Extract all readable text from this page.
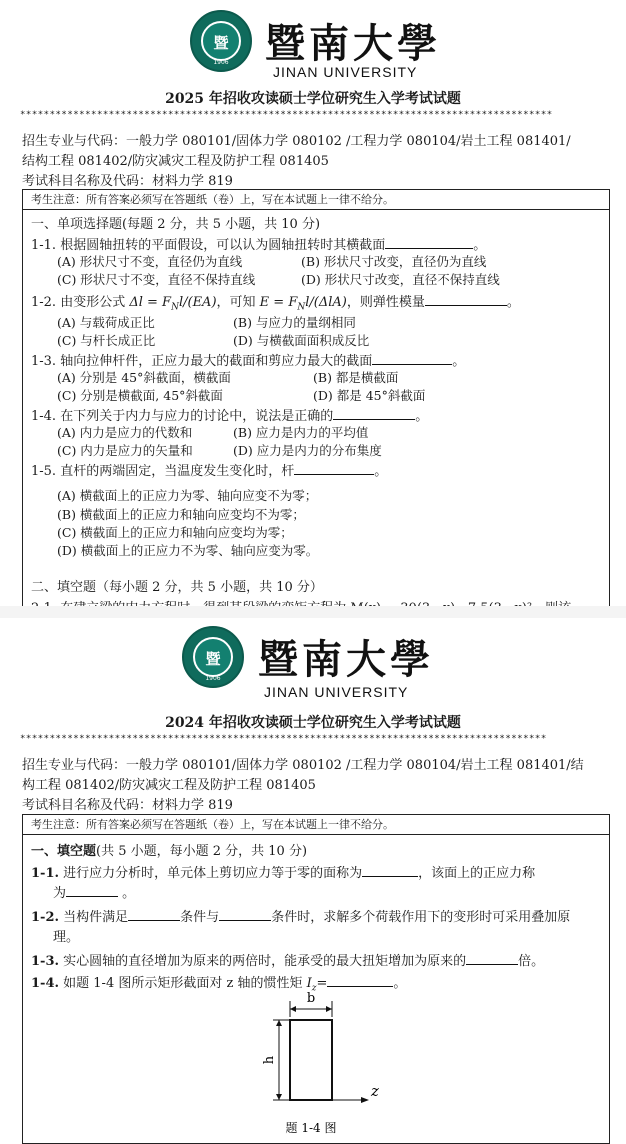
暨
1906 暨南大學
JINAN UNIVERSITY
2025 年招收攻读硕士学位研究生入学考试试题
******************************************************************************************
招生专业与代码：一般力学 080101/固体力学 080102 /工程力学 080104/岩土工程 081401/
结构工程 081402/防灾减灾工程及防护工程 081405
考试科目名称及代码：材料力学 819
考生注意：所有答案必须写在答题纸（卷）上，写在本试题上一律不给分。
一、单项选择题(每题 2 分，共 5 小题，共 10 分)
1-1. 根据圆轴扭转的平面假设，可以认为圆轴扭转时其横截面	。
(A) 形状尺寸不变，直径仍为直线	(B) 形状尺寸改变，直径仍为直线
(C) 形状尺寸不变，直径不保持直线	(D) 形状尺寸改变，直径不保持直线
1-2. 由变形公式 $\Delta l = F_Nl/(EA)$，可知 $E = F_Nl/(\Delta lA)$，则弹性模量	。
(A) 与载荷成正比	(B) 与应力的量纲相同
(C) 与杆长成正比	(D) 与横截面面积成反比
1-3. 轴向拉伸杆件，正应力最大的截面和剪应力最大的截面	。
(A) 分别是 45°斜截面，横截面	(B) 都是横截面
(C) 分别是横截面, 45°斜截面	(D) 都是 45°斜截面
1-4. 在下列关于内力与应力的讨论中，说法是正确的	。
(A) 内力是应力的代数和	(B) 应力是内力的平均值
(C) 内力是应力的矢量和	(D) 应力是内力的分布集度
1-5. 直杆的两端固定，当温度发生变化时，杆	。
(A) 横截面上的正应力为零、轴向应变不为零；
(B) 横截面上的正应力和轴向应变均不为零；
(C) 横截面上的正应力和轴向应变均为零；
(D) 横截面上的正应力不为零、轴向应变为零。
二、填空题（每小题 2 分，共 5 小题，共 10 分）
暨
1906 暨南大學
JINAN UNIVERSITY
2024 年招收攻读硕士学位研究生入学考试试题
*****************************************************************************************
招生专业与代码：一般力学 080101/固体力学 080102 /工程力学 080104/岩土工程 081401/结
构工程 081402/防灾减灾工程及防护工程 081405
考试科目名称及代码：材料力学 819
考生注意：所有答案必须写在答题纸（卷）上，写在本试题上一律不给分。
一、填空题(共 5 小题，每小题 2 分，共 10 分)
1-1. 进行应力分析时，单元体上剪切应力等于零的面称为	，该面上的正应力称
为	。
1-2. 当构件满足	条件与	条件时，求解多个荷载作用下的变形时可采用叠加原
理。
1-3. 实心圆轴的直径增加为原来的两倍时，能承受的最大扭矩增加为原来的	倍。
1-4. 如题 1-4 图所示矩形截面对 z 轴的惯性矩 $I_z=$	。
b
h
z
题 1-4 图
